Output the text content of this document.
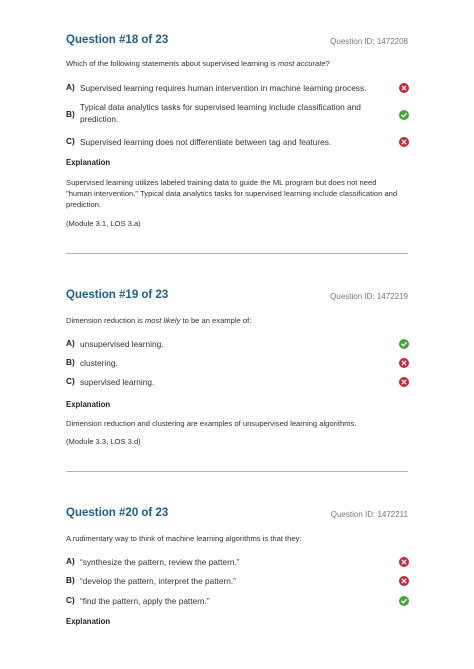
Question #18 of 23	Question ID: 1472208
Which of the following statements about supervised learning is most accurate?
A) Supervised learning requires human intervention in machine learning process.
B)
Typical data analytics tasks for supervised learning include classification and prediction.
C) Supervised learning does not differentiate between tag and features.
Explanation
Supervised learning utilizes labeled training data to guide the ML program but does not need "human intervention." Typical data analytics tasks for supervised learning include classification and prediction.
(Module 3.1, LOS 3.a)
Question #19 of 23	Question ID: 1472219
Dimension reduction is most likely to be an example of:
A) unsupervised learning.
B) clustering.
C) supervised learning.
Explanation
Dimension reduction and clustering are examples of unsupervised learning algorithms.
(Module 3.3, LOS 3.d)
Question #20 of 23	Question ID: 1472211
A rudimentary way to think of machine learning algorithms is that they:
A) “synthesize the pattern, review the pattern.”
B) “develop the pattern, interpret the pattern.”
C) “find the pattern, apply the pattern.”
Explanation
